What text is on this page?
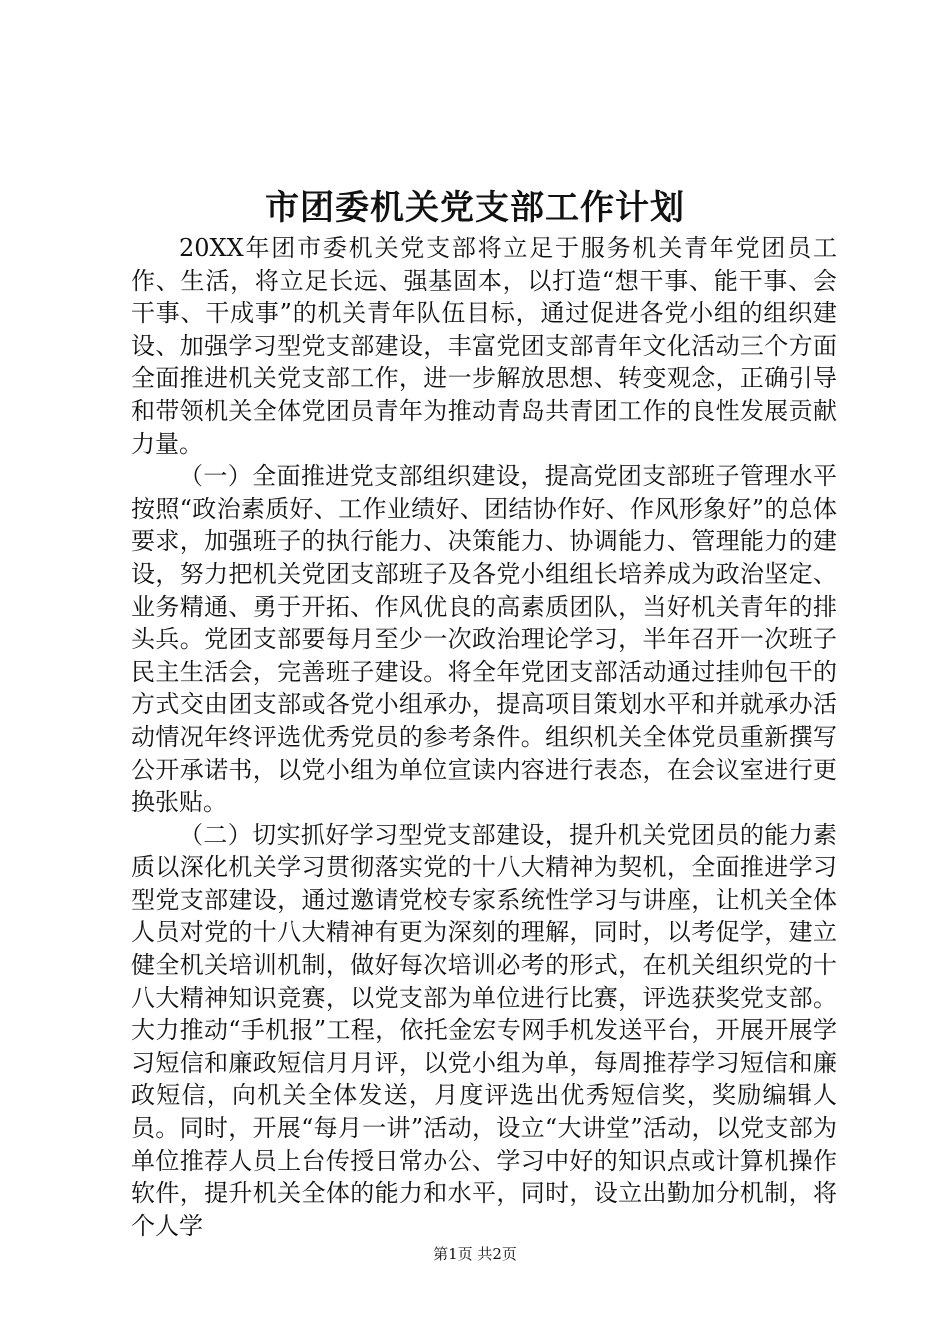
市团委机关党支部工作计划

20XX年团市委机关党支部将立足于服务机关青年党团员工作、生活，将立足长远、强基固本，以打造“想干事、能干事、会干事、干成事”的机关青年队伍目标，通过促进各党小组的组织建设、加强学习型党支部建设，丰富党团支部青年文化活动三个方面全面推进机关党支部工作，进一步解放思想、转变观念，正确引导和带领机关全体党团员青年为推动青岛共青团工作的良性发展贡献力量。

（一）全面推进党支部组织建设，提高党团支部班子管理水平按照“政治素质好、工作业绩好、团结协作好、作风形象好”的总体要求，加强班子的执行能力、决策能力、协调能力、管理能力的建设，努力把机关党团支部班子及各党小组组长培养成为政治坚定、业务精通、勇于开拓、作风优良的高素质团队，当好机关青年的排头兵。党团支部要每月至少一次政治理论学习，半年召开一次班子民主生活会，完善班子建设。将全年党团支部活动通过挂帅包干的方式交由团支部或各党小组承办，提高项目策划水平和并就承办活动情况年终评选优秀党员的参考条件。组织机关全体党员重新撰写公开承诺书，以党小组为单位宣读内容进行表态，在会议室进行更换张贴。

（二）切实抓好学习型党支部建设，提升机关党团员的能力素质以深化机关学习贯彻落实党的十八大精神为契机，全面推进学习型党支部建设，通过邀请党校专家系统性学习与讲座，让机关全体人员对党的十八大精神有更为深刻的理解，同时，以考促学，建立健全机关培训机制，做好每次培训必考的形式，在机关组织党的十八大精神知识竞赛，以党支部为单位进行比赛，评选获奖党支部。大力推动“手机报”工程，依托金宏专网手机发送平台，开展开展学习短信和廉政短信月月评，以党小组为单，每周推荐学习短信和廉政短信，向机关全体发送，月度评选出优秀短信奖，奖励编辑人员。同时，开展“每月一讲”活动，设立“大讲堂”活动，以党支部为单位推荐人员上台传授日常办公、学习中好的知识点或计算机操作软件，提升机关全体的能力和水平，同时，设立出勤加分机制，将个人学

第1页 共2页
